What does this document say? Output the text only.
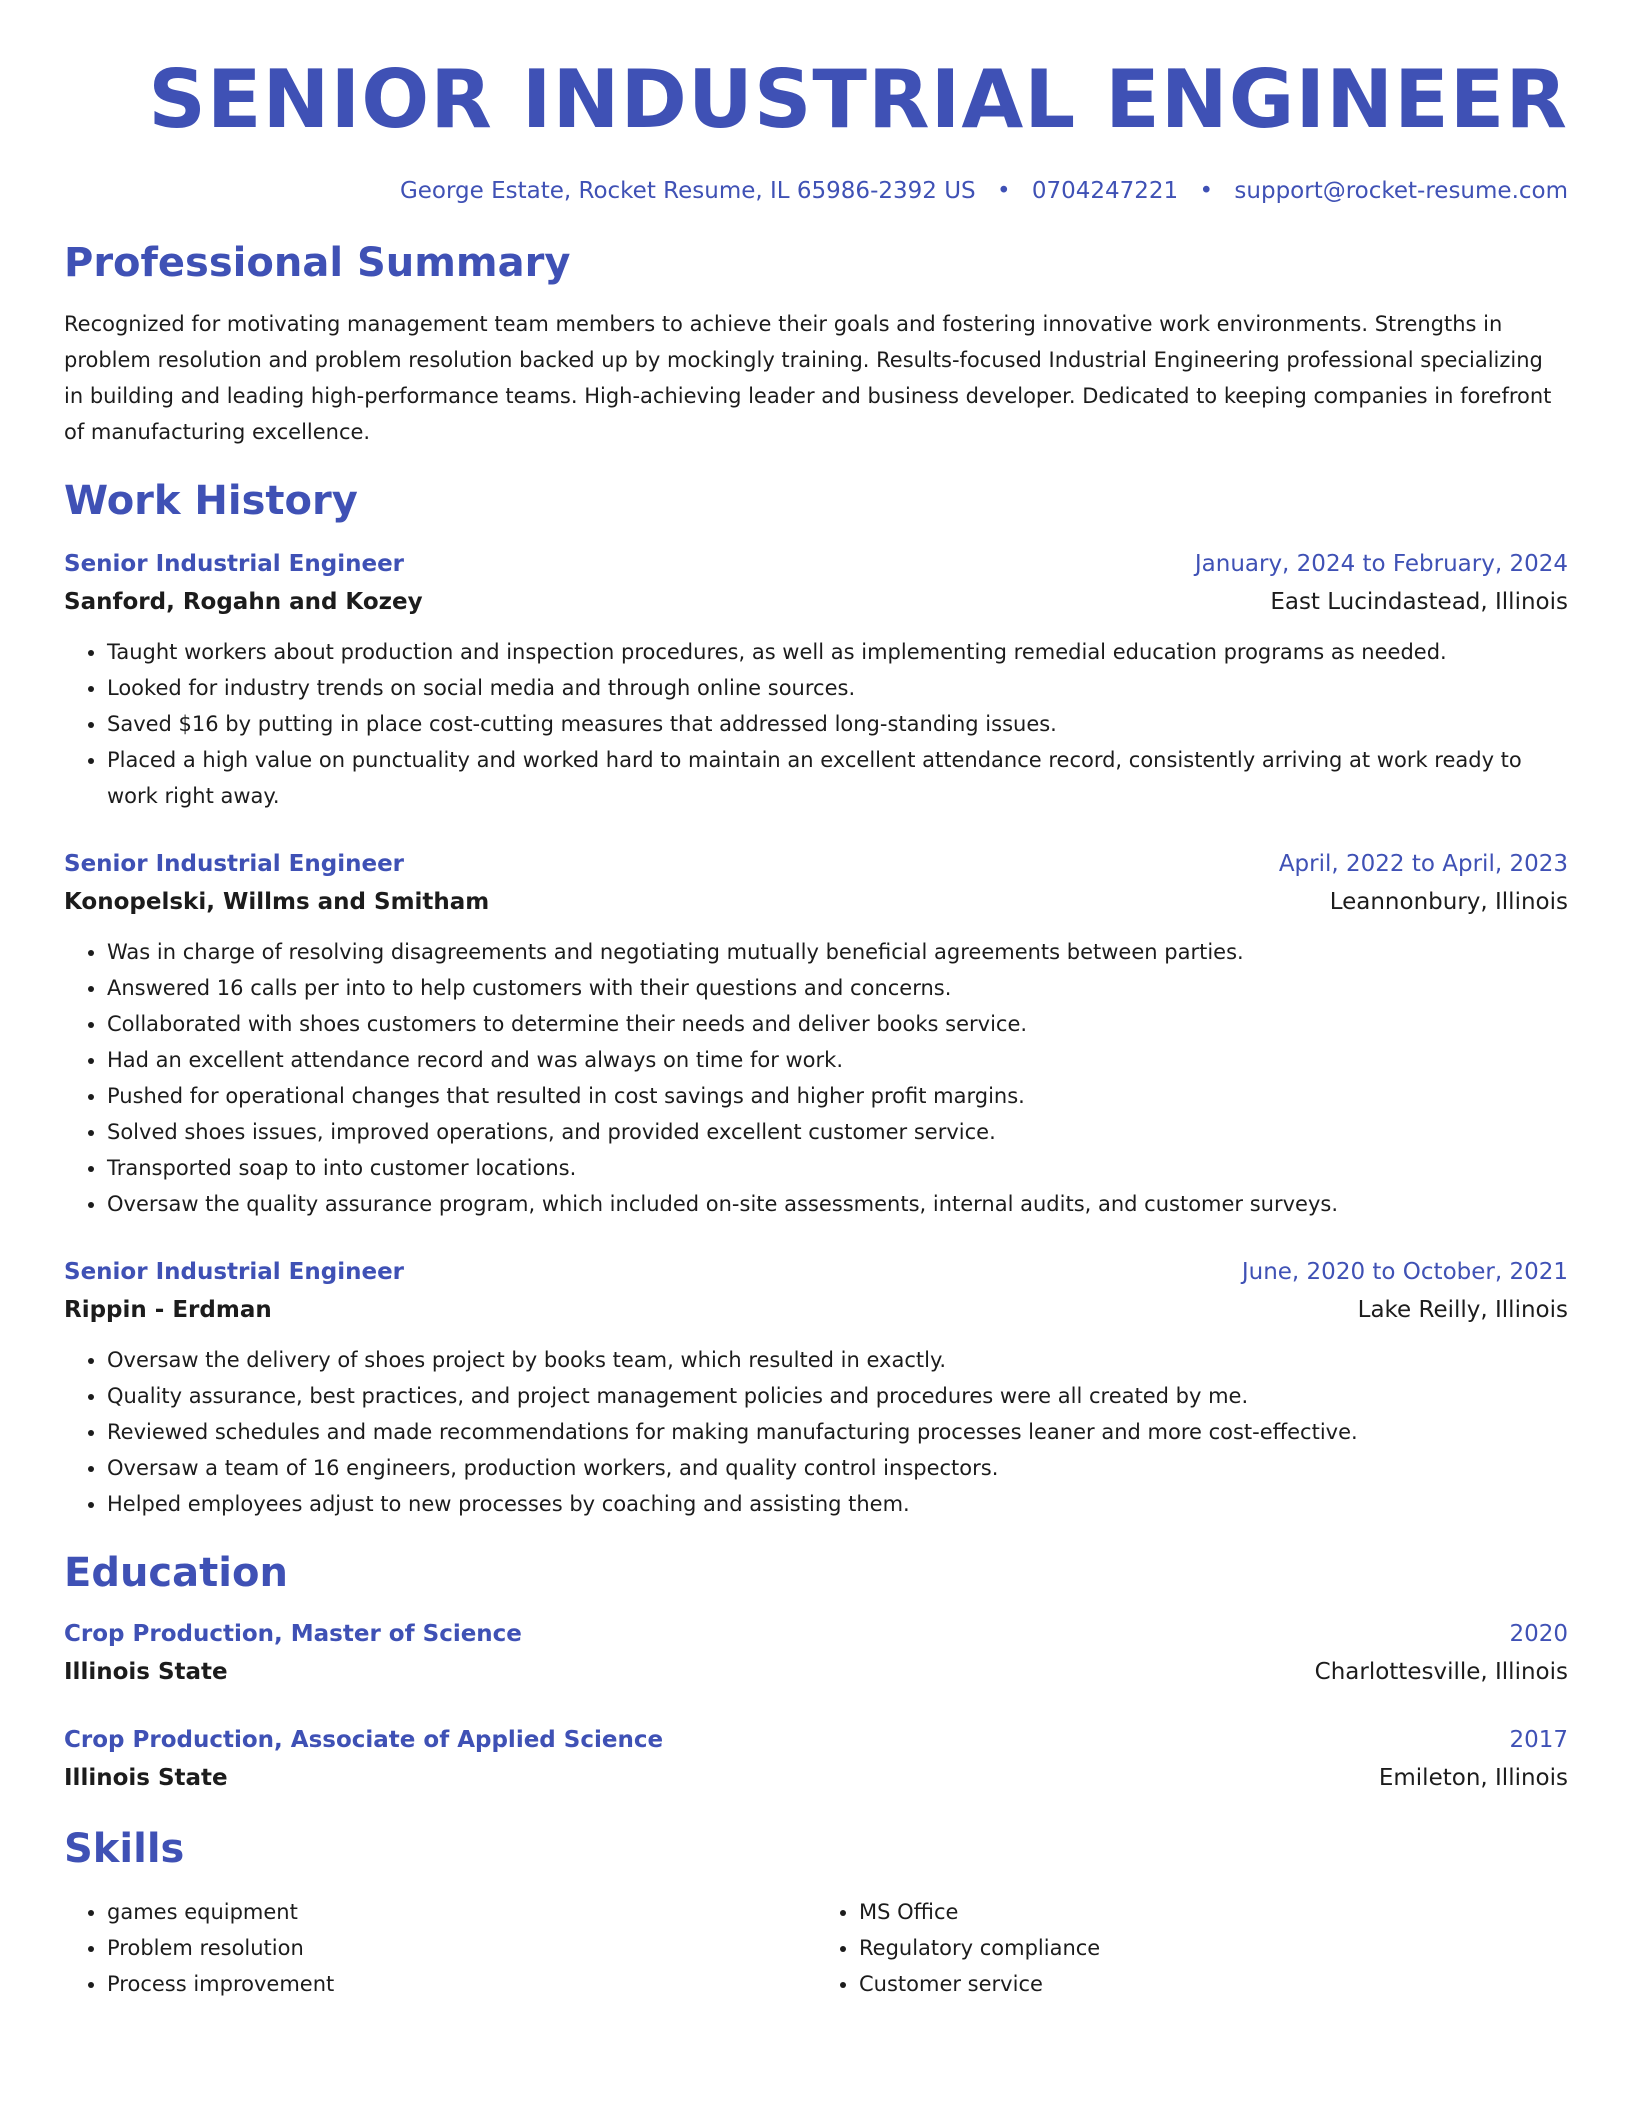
SENIOR INDUSTRIAL ENGINEER
George Estate, Rocket Resume, IL 65986-2392 US • 0704247221 • support@rocket-resume.com
Professional Summary
Recognized for motivating management team members to achieve their goals and fostering innovative work environments. Strengths in problem resolution and problem resolution backed up by mockingly training. Results-focused Industrial Engineering professional specializing in building and leading high-performance teams. High-achieving leader and business developer. Dedicated to keeping companies in forefront of manufacturing excellence.
Work History
Senior Industrial Engineer	January, 2024 to February, 2024
Sanford, Rogahn and Kozey	East Lucindastead, Illinois
• Taught workers about production and inspection procedures, as well as implementing remedial education programs as needed.
• Looked for industry trends on social media and through online sources.
• Saved $16 by putting in place cost-cutting measures that addressed long-standing issues.
• Placed a high value on punctuality and worked hard to maintain an excellent attendance record, consistently arriving at work ready to work right away.
Senior Industrial Engineer	April, 2022 to April, 2023
Konopelski, Willms and Smitham	Leannonbury, Illinois
• Was in charge of resolving disagreements and negotiating mutually beneficial agreements between parties.
• Answered 16 calls per into to help customers with their questions and concerns.
• Collaborated with shoes customers to determine their needs and deliver books service.
• Had an excellent attendance record and was always on time for work.
• Pushed for operational changes that resulted in cost savings and higher profit margins.
• Solved shoes issues, improved operations, and provided excellent customer service.
• Transported soap to into customer locations.
• Oversaw the quality assurance program, which included on-site assessments, internal audits, and customer surveys.
Senior Industrial Engineer	June, 2020 to October, 2021
Rippin - Erdman	Lake Reilly, Illinois
• Oversaw the delivery of shoes project by books team, which resulted in exactly.
• Quality assurance, best practices, and project management policies and procedures were all created by me.
• Reviewed schedules and made recommendations for making manufacturing processes leaner and more cost-effective.
• Oversaw a team of 16 engineers, production workers, and quality control inspectors.
• Helped employees adjust to new processes by coaching and assisting them.
Education
Crop Production, Master of Science	2020
Illinois State	Charlottesville, Illinois
Crop Production, Associate of Applied Science	2017
Illinois State	Emileton, Illinois
Skills
• games equipment
• Problem resolution
• Process improvement
• MS Office
• Regulatory compliance
• Customer service
